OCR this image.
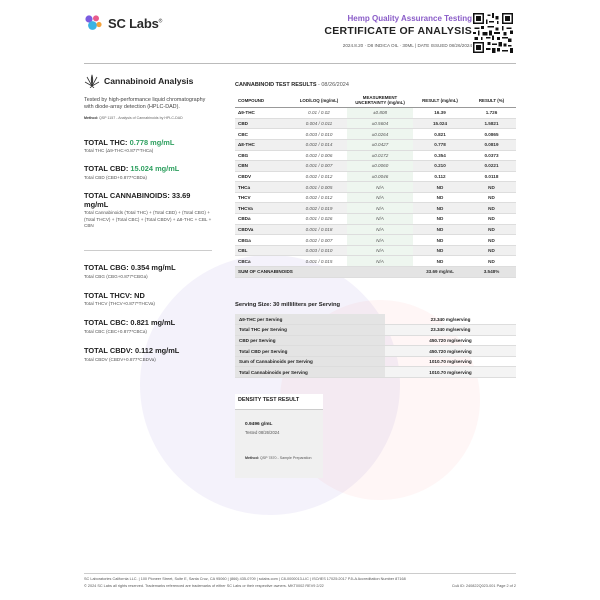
SC Labs®	Hemp Quality Assurance Testing
CERTIFICATE OF ANALYSIS
2024.8.20 · D8 INDICA OIL · 30ML | DATE ISSUED 08/26/2024
Cannabinoid Analysis
Tested by high-performance liquid chromatography with diode-array detection (HPLC-DAD).
Method: QSP 1157 - Analysis of Cannabinoids by HPLC-DAD
TOTAL THC: 0.778 mg/mL
Total THC (Δ9-THC+0.877*THCa)
TOTAL CBD: 15.024 mg/mL
Total CBD (CBD+0.877*CBDa)
TOTAL CANNABINOIDS: 33.69 mg/mL
Total Cannabinoids (Total THC) + (Total CBD) + (Total CBG) + (Total THCV) + (Total CBC) + (Total CBDV) + Δ8-THC + CBL + CBN
TOTAL CBG: 0.354 mg/mL
Total CBG (CBG+0.877*CBGa)
TOTAL THCV: ND
Total THCV (THCV+0.877*THCVa)
TOTAL CBC: 0.821 mg/mL
Total CBC (CBC+0.877*CBCa)
TOTAL CBDV: 0.112 mg/mL
Total CBDV (CBDV+0.877*CBDVa)
CANNABINOID TEST RESULTS - 08/26/2024
COMPOUND	LOD/LOQ (mg/mL)	MEASUREMENT UNCERTAINTY (mg/mL)	RESULT (mg/mL)	RESULT (%)
Δ9-THC	0.01 / 0.02	±0.808	16.39	1.726
CBD	0.004 / 0.011	±0.5604	15.024	1.5821
CBC	0.003 / 0.010	±0.0264	0.821	0.0865
Δ8-THC	0.002 / 0.014	±0.0427	0.778	0.0819
CBG	0.002 / 0.006	±0.0172	0.354	0.0373
CBN	0.001 / 0.007	±0.0060	0.210	0.0221
CBDV	0.002 / 0.012	±0.0046	0.112	0.0118
THCa	0.001 / 0.005	N/A	ND	ND
THCV	0.002 / 0.012	N/A	ND	ND
THCVa	0.002 / 0.019	N/A	ND	ND
CBDa	0.001 / 0.026	N/A	ND	ND
CBDVa	0.001 / 0.018	N/A	ND	ND
CBGa	0.002 / 0.007	N/A	ND	ND
CBL	0.003 / 0.010	N/A	ND	ND
CBCa	0.001 / 0.015	N/A	ND	ND
SUM OF CANNABINOIDS			33.69 mg/mL	3.548%
Serving Size: 30 milliliters per Serving
Δ9-THC per Serving	23.340 mg/serving
Total THC per Serving	23.340 mg/serving
CBD per Serving	450.720 mg/serving
Total CBD per Serving	450.720 mg/serving
Sum of Cannabinoids per Serving	1010.70 mg/serving
Total Cannabinoids per Serving	1010.70 mg/serving
DENSITY TEST RESULT
0.9496 g/mL
Tested 08/26/2024
Method: QSP 7870 - Sample Preparation
SC Laboratories California LLC. | 100 Pioneer Street, Suite E, Santa Cruz, CA 95060 | (866) 435-0709 | sclabs.com | C8-0000013-LIC | ISO/IES 17025:2017 PJLA Accreditation Number 87168
© 2024 SC Labs all rights reserved. Trademarks referenced are trademarks of either SC Labs or their respective owners. MKT0002 REV9 2/22	CoA ID: 240822Q023-001 Page 2 of 2
